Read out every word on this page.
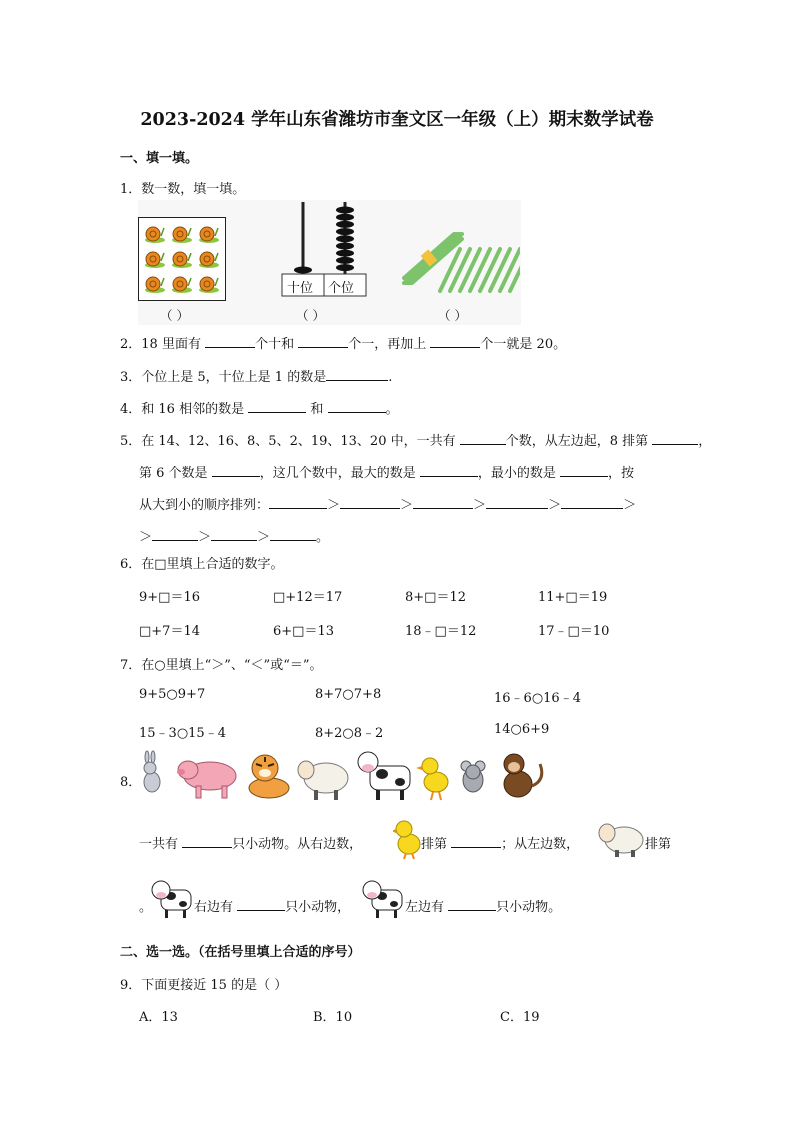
2023-2024 学年山东省潍坊市奎文区一年级（上）期末数学试卷
一、填一填。
1．数一数，填一填。
（ ）
十位 个位
（ ）	（ ）
2．18 里面有	个十和	个一，再加上	个一就是 20。
3．个位上是 5，十位上是 1 的数是	.
4．和 16 相邻的数是	和	。
5．在 14、12、16、8、5、2、19、13、20 中，一共有	个数，从左边起，8 排第	，
第 6 个数是	，这几个数中，最大的数是	，最小的数是	，按
从大到小的顺序排列：	＞	＞	＞	＞	＞
＞	＞	＞	。
6．在□里填上合适的数字。
9+□＝16	□+12＝17	8+□＝12	11+□＝19
□+7＝14	6+□＝13	18﹣□＝12	17﹣□＝10
7．在○里填上“＞”、“＜”或“＝”。
9+5○9+7	8+7○7+8	16﹣6○16﹣4
15﹣3○15﹣4	8+2○8﹣2	14○6+9
8．
一共有	只小动物。从右边数，	排第	；从左边数，	排第
。	右边有	只小动物，	左边有	只小动物。
二、选一选。（在括号里填上合适的序号）
9．下面更接近 15 的是（ ）
A．13	B．10	C．19
